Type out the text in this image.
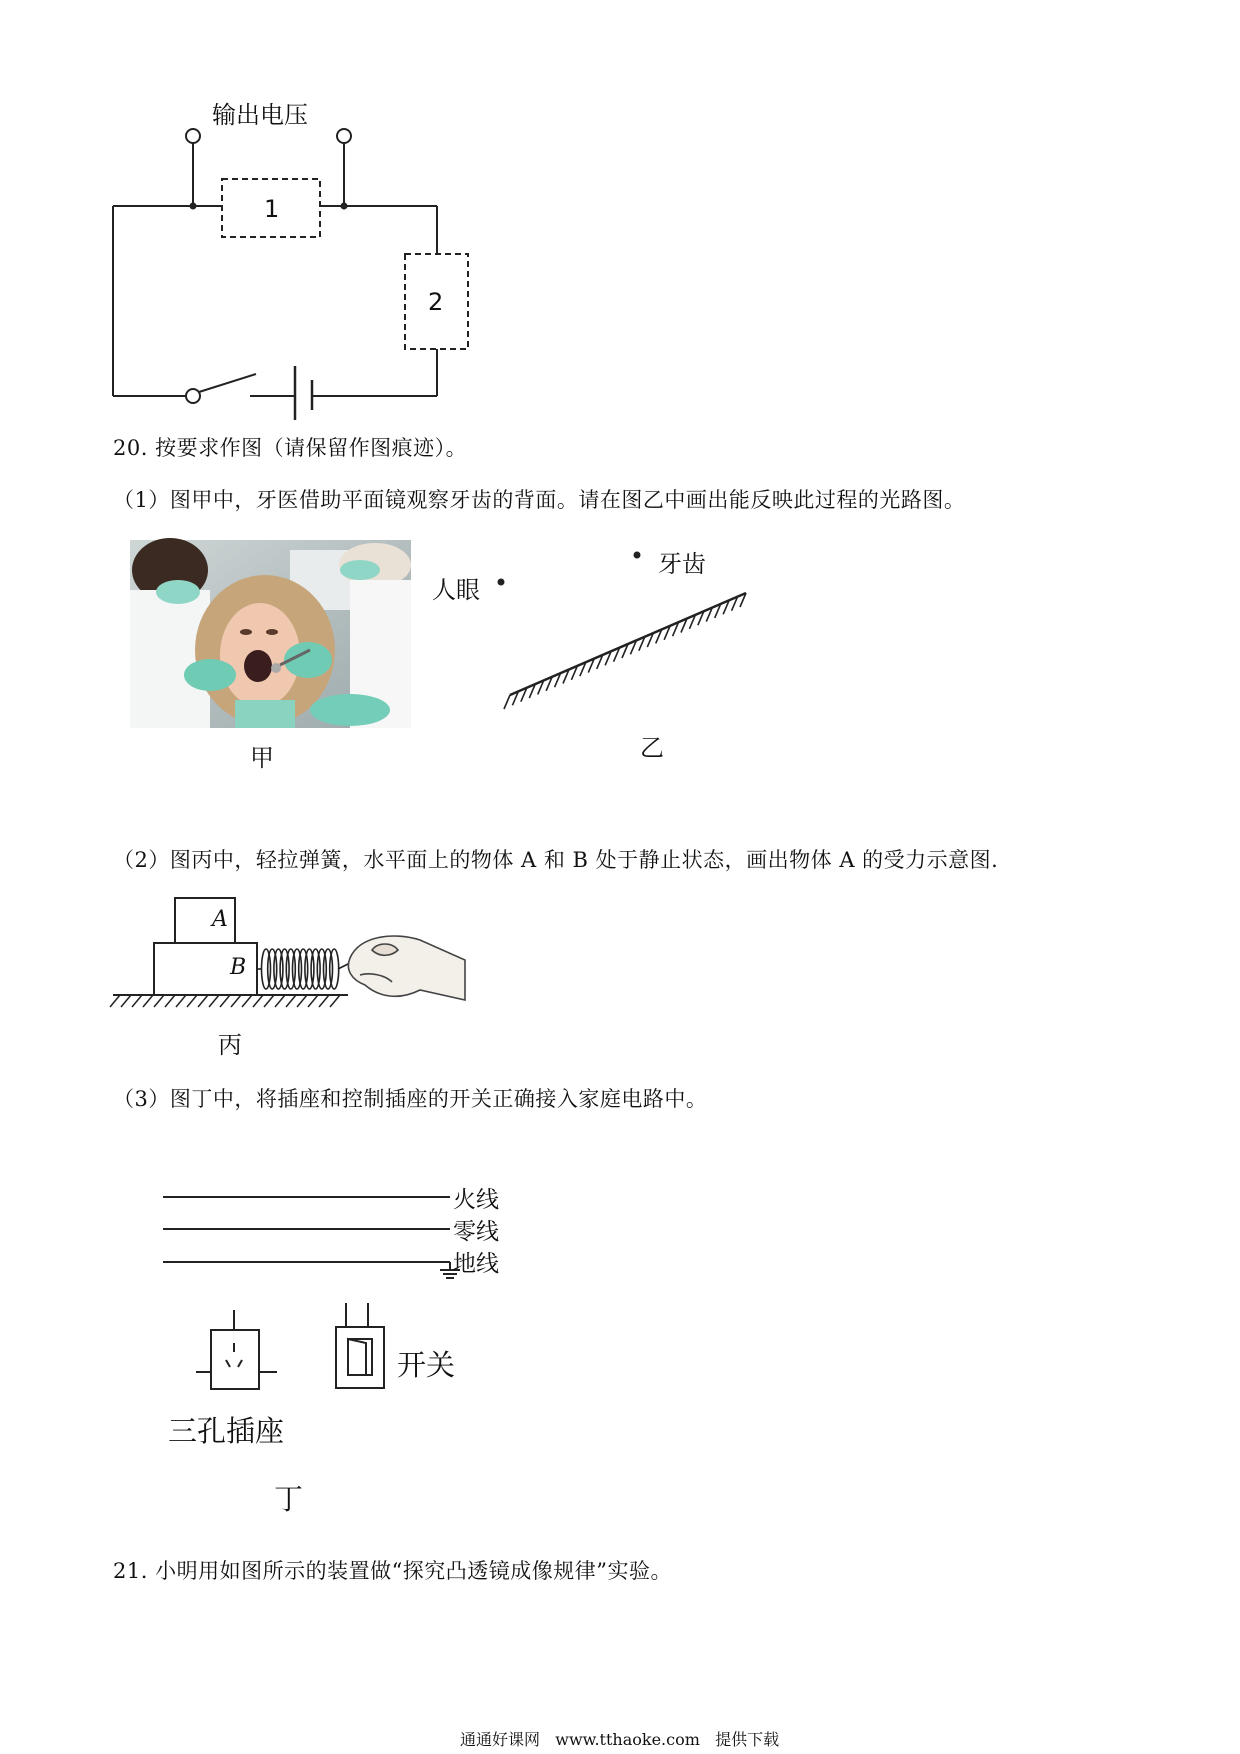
输出电压
1
2
20. 按要求作图（请保留作图痕迹）。
（1）图甲中，牙医借助平面镜观察牙齿的背面。请在图乙中画出能反映此过程的光路图。
甲
人眼
牙齿
乙
（2）图丙中，轻拉弹簧，水平面上的物体 A 和 B 处于静止状态，画出物体 A 的受力示意图.
A
B
丙
（3）图丁中，将插座和控制插座的开关正确接入家庭电路中。
火线
零线
地线
开关
三孔插座
丁
21. 小明用如图所示的装置做“探究凸透镜成像规律”实验。
通通好课网 www.tthaoke.com 提供下载
